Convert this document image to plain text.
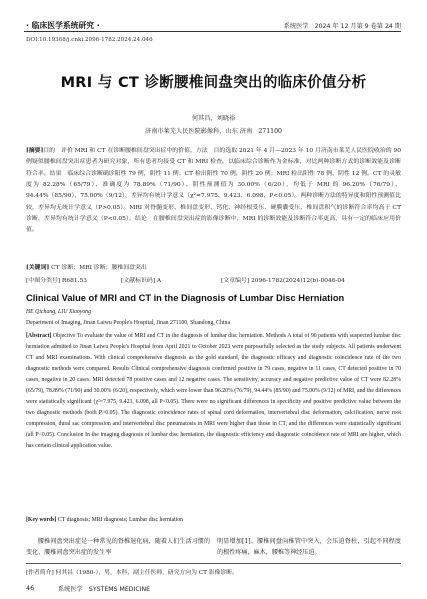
· 临床医学系统研究 ·	系统医学　2024 年 12 月第 9 卷第 24 期
DOI:10.19368/j.cnki.2096-1782.2024.24.046
MRI 与 CT 诊断腰椎间盘突出的临床价值分析
何其昌，刘晓裕
济南市莱芜人民医院影像科，山东 济南　271100
[摘要]目的　评价 MRI 和 CT 在诊断腰椎间盘突出症中的价值。方法　目的选取 2021 年 4 月—2023 年 10 月济南市莱芜人民医院收治的 90 例疑似腰椎间盘突出症患者为研究对象，所有患者均接受 CT 和 MRI 检查。以临床综合诊断作为金标准，对比两种诊断方式的诊断效能及诊断符合率。结果　临床综合诊断确诊阳性 79 例，阴性 11 例；CT 检出阳性 70 例，阴性 20 例；MRI 检出阳性 78 例，阴性 12 例。CT 的灵敏度为 82.28%（65/79）、准确度为 78.89%（71/90）、阴性预测值为 30.00%（6/20），均低于 MRI 的 96.20%（76/79）、94.44%（85/90）、75.00%（9/12），差异均有统计学意义（χ²=7.975、9.423、6.098，P<0.05）。两种诊断方法的特异度和阳性预测值比较，差异均无统计学意义（P>0.05）。MRI 对脊髓变形、椎间盘变形、钙化、神经根受压、硬膜囊受压、椎间盘积气的诊断符合率均高于 CT 诊断，差异均有统计学意义（P<0.05）。结论　在腰椎间盘突出症的影像诊断中，MRI 的诊断效能及诊断符合率更高，具有一定的临床应用价值。
[关键词] CT 诊断；MRI 诊断；腰椎间盘突出
[中图分类号] R681.53	[文献标识码] A	[文章编号] 2096-1782(2024)12(b)-0046-04
Clinical Value of MRI and CT in the Diagnosis of Lumbar Disc Herniation
HE Qichang, LIU Xiaoyong
Department of Imaging, Jinan Laiwu People's Hospital, Jinan 271100, Shandong, China
[Abstract] Objective To evaluate the value of MRI and CT in the diagnosis of lumbar disc herniation. Methods A total of 90 patients with suspected lumbar disc herniation admitted to Jinan Laiwu People's Hospital from April 2021 to October 2023 were purposefully selected as the study subjects. All patients underwent CT and MRI examinations. With clinical comprehensive diagnosis as the gold standard, the diagnostic efficacy and diagnostic coincidence rate of the two diagnostic methods were compared. Results Clinical comprehensive diagnosis confirmed positive in 79 cases, negative in 11 cases, CT detected positive in 70 cases, negative in 20 cases. MRI detected 78 positive cases and 12 negative cases. The sensitivity, accuracy and negative predictive value of CT were 82.28% (65/79), 78.89% (71/90) and 30.00% (6/20), respectively, which were lower than 96.20% (76/79), 94.44% (85/90) and 75.00% (9/12) of MRI, and the differences were statistically significant (χ²=7.975, 9.423, 6.098, all P<0.05). There were no significant differences in specificity and positive predictive value between the two diagnostic methods (both P>0.05). The diagnostic coincidence rates of spinal cord deformation, intervertebral disc deformation, calcification, nerve root compression, dural sac compression and intervertebral disc pneumatosis in MRI were higher than those in CT, and the differences were statistically significant (all P<0.05). Conclusion In the imaging diagnosis of lumbar disc herniation, the diagnostic efficiency and diagnostic coincidence rate of MRI are higher, which has certain clinical application value.
[Key words] CT diagnosis; MRI diagnosis; Lumbar disc herniation
腰椎间盘突出症是一种常见的脊椎退化病，随着人们生活习惯的变化，腰椎间盘突出症的发生率
明显增加[1]。腰椎间盘向椎管中突入，会压迫脊柱，引起不同程度的根性疼痛，麻木，腰椎等神经压迫。
[作者简介] 何其昌（1980-），男，本科，副主任医师，研究方向为 CT 影像诊断。
46	系统医学　SYSTEMS MEDICINE
